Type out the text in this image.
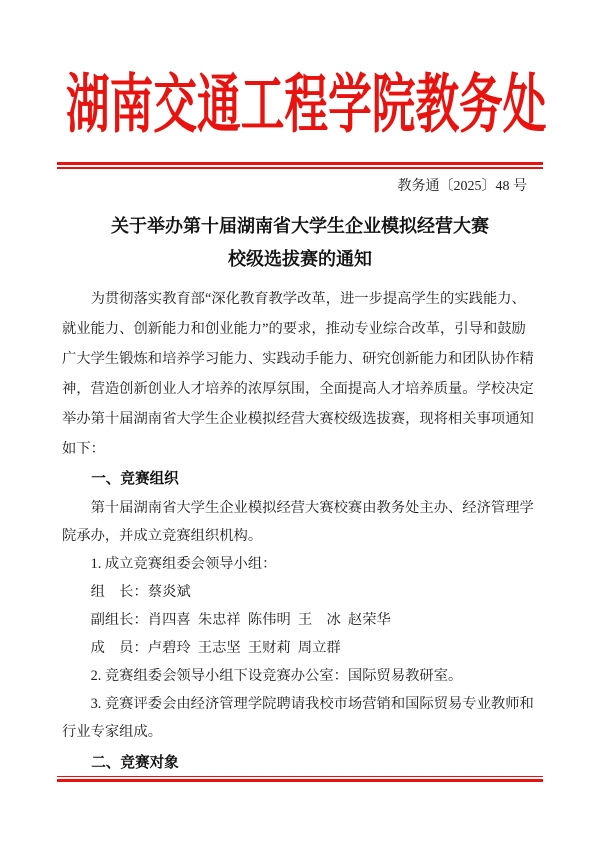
湖南交通工程学院教务处
教务通〔2025〕48 号
关于举办第十届湖南省大学生企业模拟经营大赛
校级选拔赛的通知
为贯彻落实教育部“深化教育教学改革，进一步提高学生的实践能力、
就业能力、创新能力和创业能力”的要求，推动专业综合改革，引导和鼓励
广大学生锻炼和培养学习能力、实践动手能力、研究创新能力和团队协作精
神，营造创新创业人才培养的浓厚氛围，全面提高人才培养质量。学校决定
举办第十届湖南省大学生企业模拟经营大赛校级选拔赛，现将相关事项通知
如下：
一、竞赛组织
第十届湖南省大学生企业模拟经营大赛校赛由教务处主办、经济管理学
院承办，并成立竞赛组织机构。
1. 成立竞赛组委会领导小组：
组　长：蔡炎斌
副组长：肖四喜  朱忠祥  陈伟明  王　冰  赵荣华
成　员：卢碧玲  王志坚  王财莉  周立群
2. 竞赛组委会领导小组下设竞赛办公室：国际贸易教研室。
3. 竞赛评委会由经济管理学院聘请我校市场营销和国际贸易专业教师和
行业专家组成。
二、竞赛对象
